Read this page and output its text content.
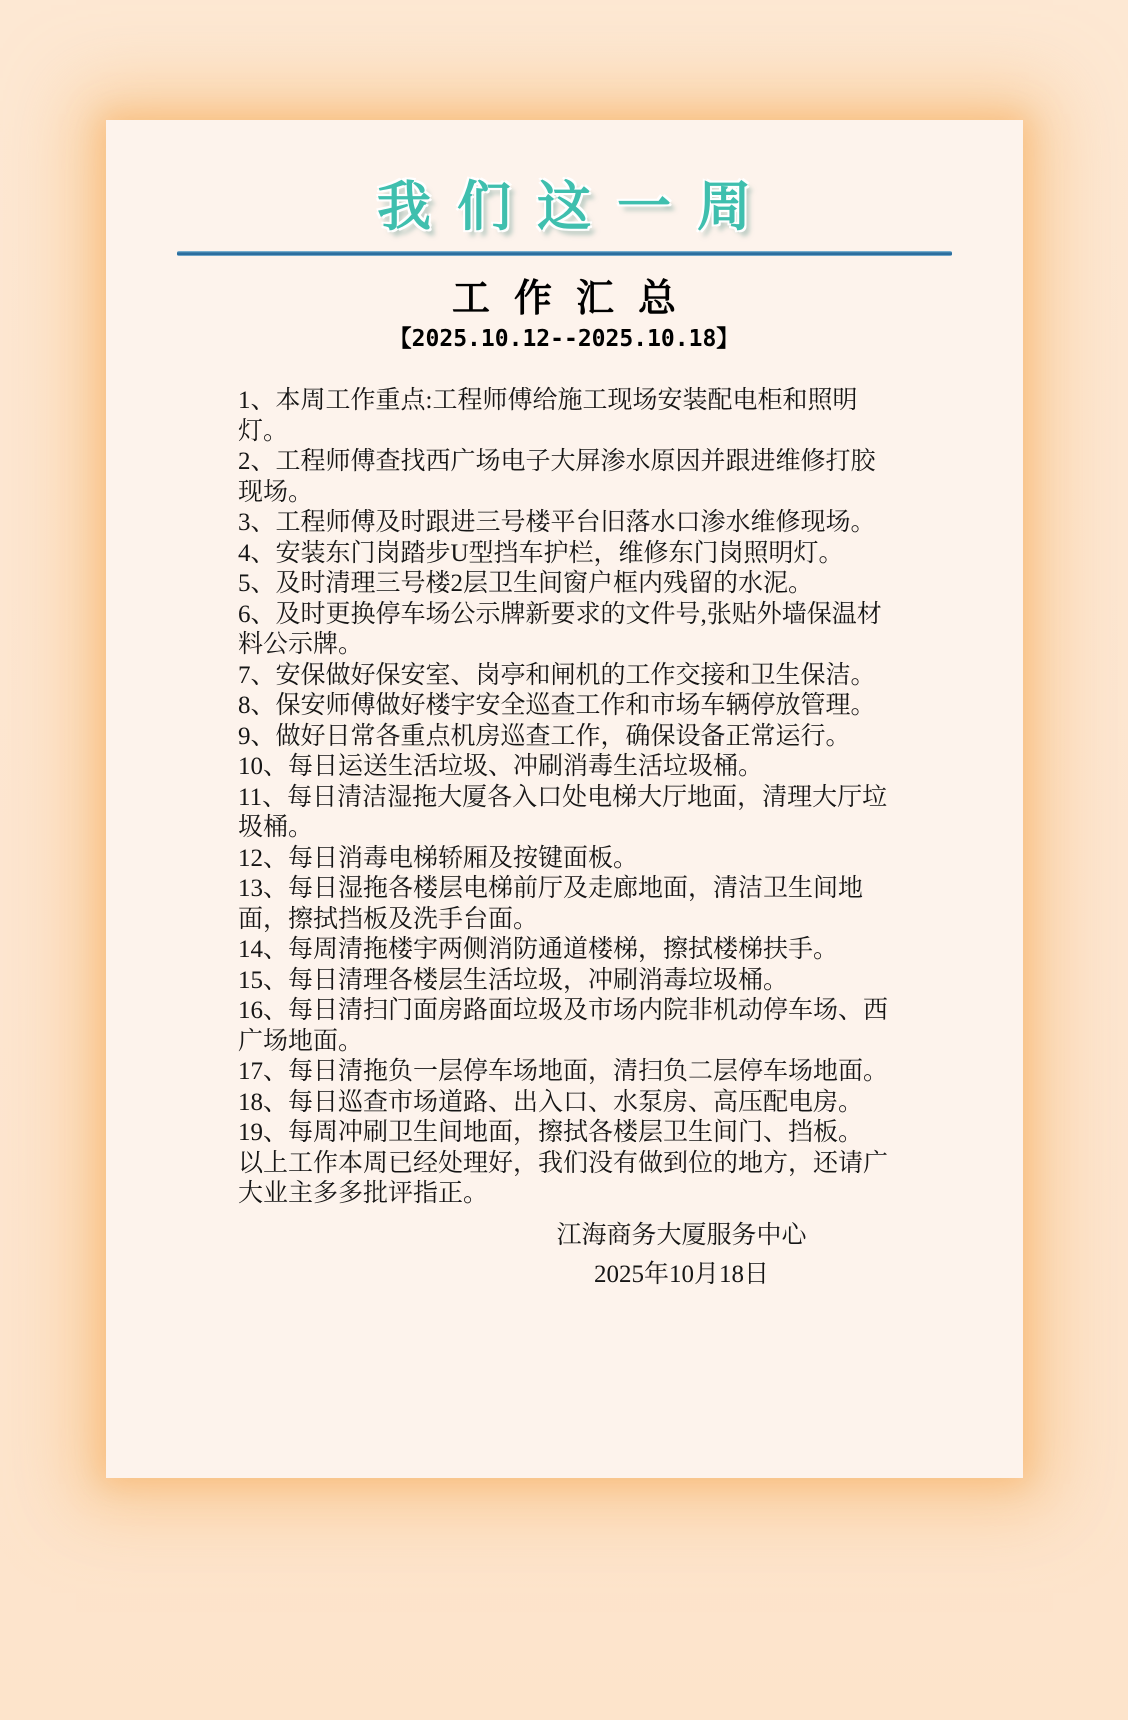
我们这一周
工作汇总
【2025.10.12--2025.10.18】

1、本周工作重点:工程师傅给施工现场安装配电柜和照明灯。

2、工程师傅查找西广场电子大屏渗水原因并跟进维修打胶现场。

3、工程师傅及时跟进三号楼平台旧落水口渗水维修现场。

4、安装东门岗踏步U型挡车护栏，维修东门岗照明灯。

5、及时清理三号楼2层卫生间窗户框内残留的水泥。

6、及时更换停车场公示牌新要求的文件号,张贴外墙保温材料公示牌。

7、安保做好保安室、岗亭和闸机的工作交接和卫生保洁。

8、保安师傅做好楼宇安全巡查工作和市场车辆停放管理。

9、做好日常各重点机房巡查工作，确保设备正常运行。

10、每日运送生活垃圾、冲刷消毒生活垃圾桶。

11、每日清洁湿拖大厦各入口处电梯大厅地面，清理大厅垃圾桶。

12、每日消毒电梯轿厢及按键面板。

13、每日湿拖各楼层电梯前厅及走廊地面，清洁卫生间地面，擦拭挡板及洗手台面。

14、每周清拖楼宇两侧消防通道楼梯，擦拭楼梯扶手。

15、每日清理各楼层生活垃圾，冲刷消毒垃圾桶。

16、每日清扫门面房路面垃圾及市场内院非机动停车场、西广场地面。

17、每日清拖负一层停车场地面，清扫负二层停车场地面。

18、每日巡查市场道路、出入口、水泵房、高压配电房。

19、每周冲刷卫生间地面，擦拭各楼层卫生间门、挡板。

以上工作本周已经处理好，我们没有做到位的地方，还请广大业主多多批评指正。

江海商务大厦服务中心
2025年10月18日
